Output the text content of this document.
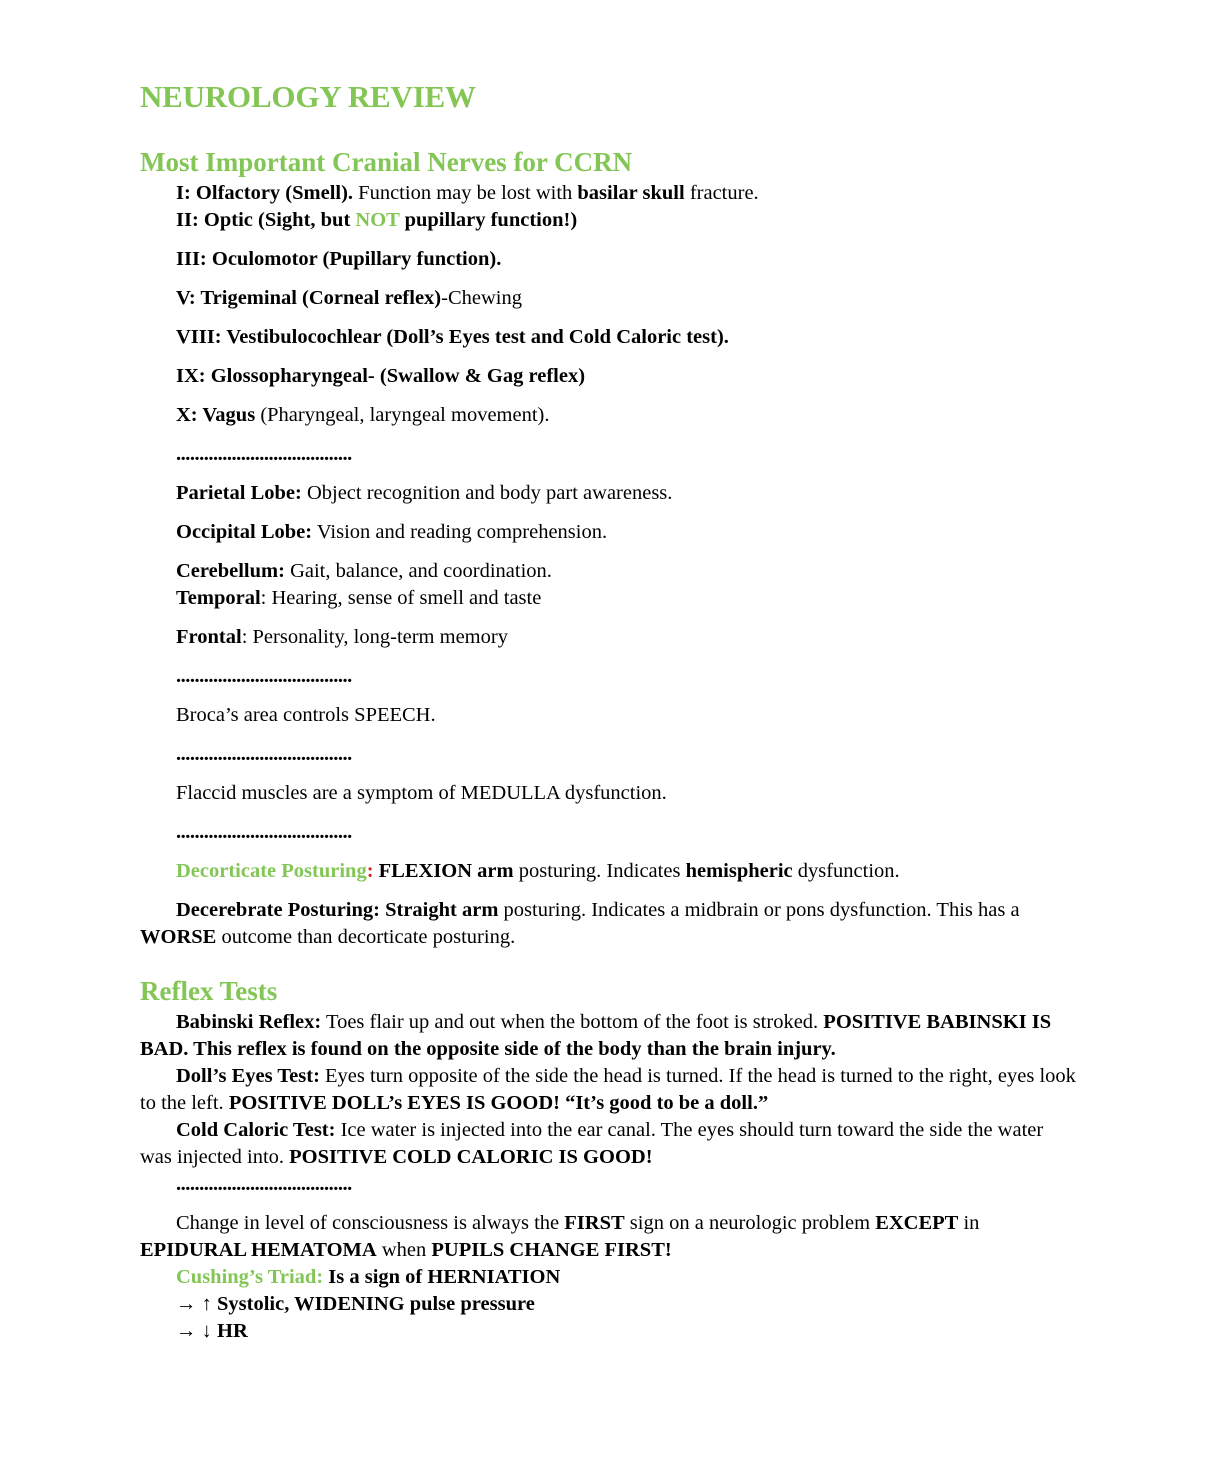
NEUROLOGY REVIEW
Most Important Cranial Nerves for CCRN

I: Olfactory (Smell). Function may be lost with basilar skull fracture.

II: Optic (Sight, but NOT pupillary function!)

III: Oculomotor (Pupillary function).

V: Trigeminal (Corneal reflex)-Chewing

VIII: Vestibulocochlear (Doll’s Eyes test and Cold Caloric test).

IX: Glossopharyngeal- (Swallow & Gag reflex)

X: Vagus (Pharyngeal, laryngeal movement).

......................................

Parietal Lobe: Object recognition and body part awareness.

Occipital Lobe: Vision and reading comprehension.

Cerebellum: Gait, balance, and coordination.

Temporal: Hearing, sense of smell and taste

Frontal: Personality, long-term memory

......................................

Broca’s area controls SPEECH.

......................................

Flaccid muscles are a symptom of MEDULLA dysfunction.

......................................

Decorticate Posturing: FLEXION arm posturing. Indicates hemispheric dysfunction.

Decerebrate Posturing: Straight arm posturing. Indicates a midbrain or pons dysfunction. This has a WORSE outcome than decorticate posturing.

Reflex Tests

Babinski Reflex: Toes flair up and out when the bottom of the foot is stroked. POSITIVE BABINSKI IS BAD. This reflex is found on the opposite side of the body than the brain injury.

Doll’s Eyes Test: Eyes turn opposite of the side the head is turned. If the head is turned to the right, eyes look to the left. POSITIVE DOLL’s EYES IS GOOD! “It’s good to be a doll.”

Cold Caloric Test: Ice water is injected into the ear canal. The eyes should turn toward the side the water was injected into. POSITIVE COLD CALORIC IS GOOD!

......................................

Change in level of consciousness is always the FIRST sign on a neurologic problem EXCEPT in EPIDURAL HEMATOMA when PUPILS CHANGE FIRST!

Cushing’s Triad: Is a sign of HERNIATION

→ ↑ Systolic, WIDENING pulse pressure

→ ↓ HR
